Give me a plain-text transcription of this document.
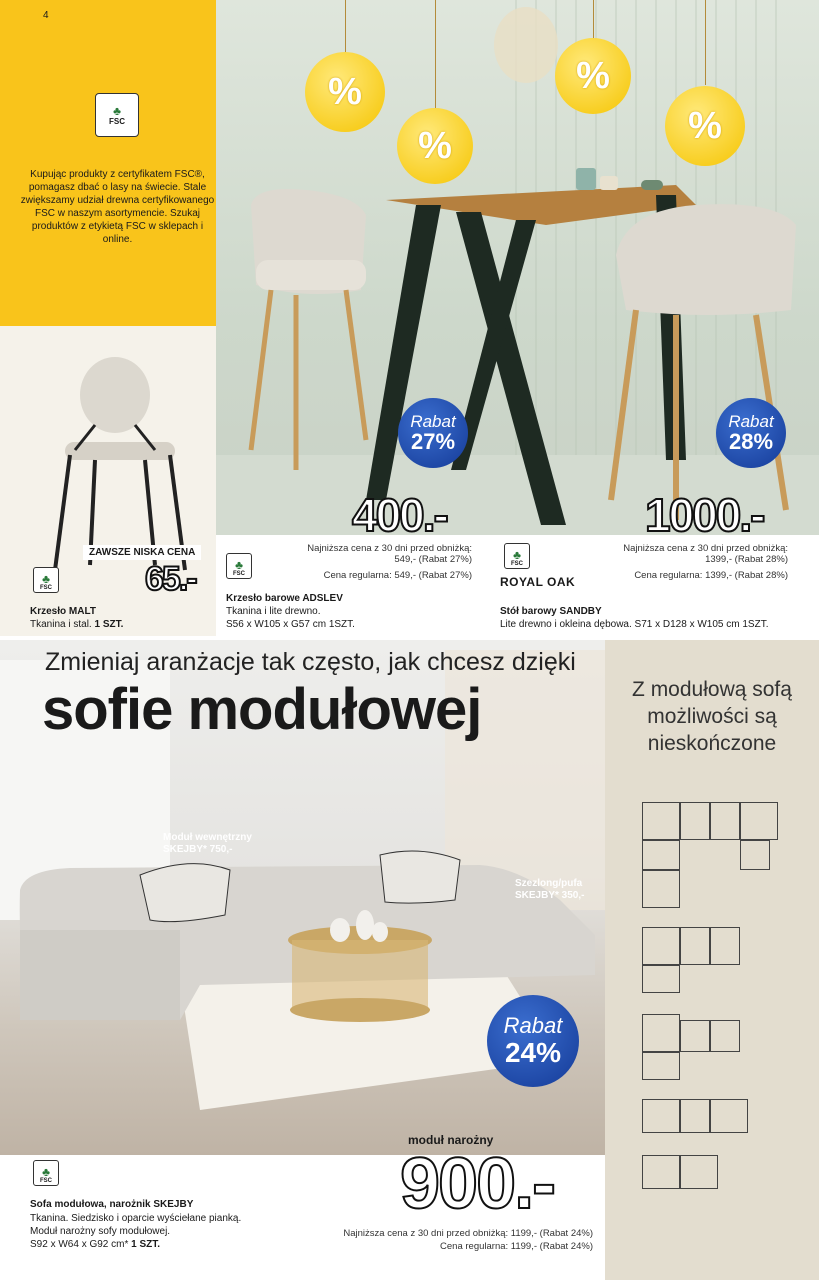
4
♣
FSC
Kupując produkty z certyfikatem FSC®, pomagasz dbać o lasy na świecie. Stale zwiększamy udział drewna certyfikowanego FSC w naszym asortymencie. Szukaj produktów z etykietą FSC w sklepach i online.
%
%
%
%
ZAWSZE NISKA CENA
65.-
♣
FSC
Krzesło MALT
Tkanina i stal. 1 SZT.
Rabat
27%
400.-
Najniższa cena z 30 dni przed obniżką: 549,- (Rabat 27%)
Cena regularna: 549,- (Rabat 27%)
♣
FSC
Krzesło barowe ADSLEV
Tkanina i lite drewno.
S56 x W105 x G57 cm 1SZT.
Rabat
28%
1000.-
Najniższa cena z 30 dni przed obniżką: 1399,- (Rabat 28%)
Cena regularna: 1399,- (Rabat 28%)
♣
FSC
ROYAL OAK
Stół barowy SANDBY
Lite drewno i okleina dębowa. S71 x D128 x W105 cm 1SZT.
Zmieniaj aranżacje tak często, jak chcesz dzięki
sofie modułowej	Z modułową sofą możliwości są nieskończone
Moduł wewnętrzny
SKEJBY* 750,-
Szezlong/pufa
SKEJBY* 350,-
Rabat
24%
moduł narożny
900.-
Najniższa cena z 30 dni przed obniżką: 1199,- (Rabat 24%)
Cena regularna: 1199,- (Rabat 24%)
♣
FSC
Sofa modułowa, narożnik SKEJBY
Tkanina. Siedzisko i oparcie wyściełane pianką.
Moduł narożny sofy modułowej.
S92 x W64 x G92 cm* 1 SZT.
